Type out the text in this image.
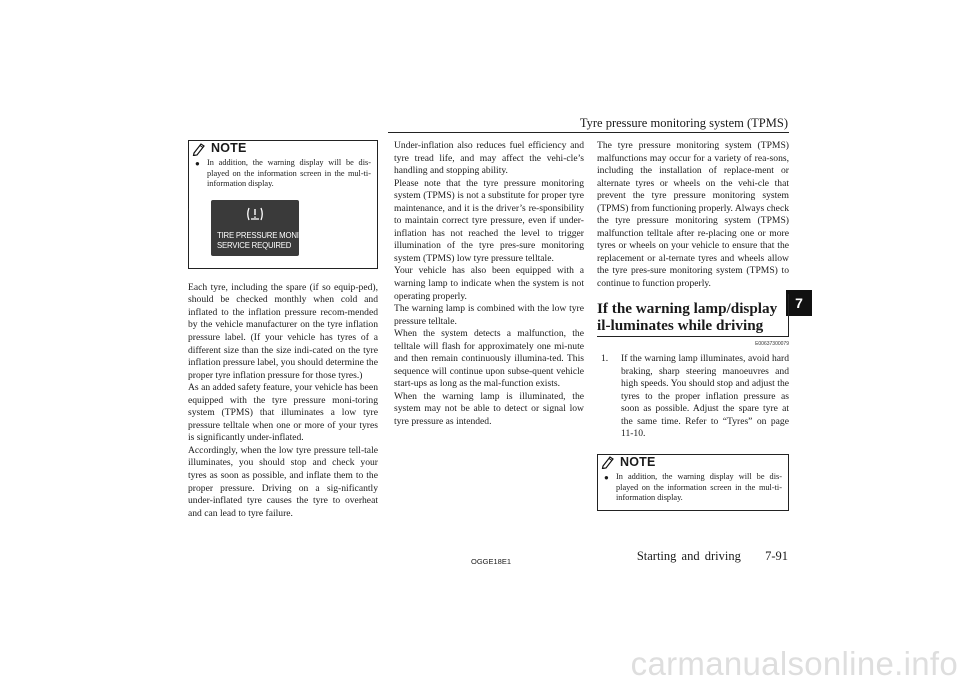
Tyre pressure monitoring system (TPMS)
7
NOTE
● In addition, the warning display will be dis-played on the information screen in the mul-ti-information display.
TIRE PRESSURE MONITOR
SERVICE REQUIRED

Each tyre, including the spare (if so equip-ped), should be checked monthly when cold and inflated to the inflation pressure recom-mended by the vehicle manufacturer on the tyre inflation pressure label. (If your vehicle has tyres of a different size than the size indi-cated on the tyre inflation pressure label, you should determine the proper tyre inflation pressure for those tyres.)

As an added safety feature, your vehicle has been equipped with the tyre pressure moni-toring system (TPMS) that illuminates a low tyre pressure telltale when one or more of your tyres is significantly under-inflated.

Accordingly, when the low tyre pressure tell-tale illuminates, you should stop and check your tyres as soon as possible, and inflate them to the proper pressure. Driving on a sig-nificantly under-inflated tyre causes the tyre to overheat and can lead to tyre failure.

Under-inflation also reduces fuel efficiency and tyre tread life, and may affect the vehi-cle’s handling and stopping ability.

Please note that the tyre pressure monitoring system (TPMS) is not a substitute for proper tyre maintenance, and it is the driver’s re-sponsibility to maintain correct tyre pressure, even if under-inflation has not reached the level to trigger illumination of the tyre pres-sure monitoring system (TPMS) low tyre pressure telltale.

Your vehicle has also been equipped with a warning lamp to indicate when the system is not operating properly.

The warning lamp is combined with the low tyre pressure telltale.

When the system detects a malfunction, the telltale will flash for approximately one mi-nute and then remain continuously illumina-ted. This sequence will continue upon subse-quent vehicle start-ups as long as the mal-function exists.

When the warning lamp is illuminated, the system may not be able to detect or signal low tyre pressure as intended.

The tyre pressure monitoring system (TPMS) malfunctions may occur for a variety of rea-sons, including the installation of replace-ment or alternate tyres or wheels on the vehi-cle that prevent the tyre pressure monitoring system (TPMS) from functioning properly. Always check the tyre pressure monitoring system (TPMS) malfunction telltale after re-placing one or more tyres or wheels on your vehicle to ensure that the replacement or al-ternate tyres and wheels allow the tyre pres-sure monitoring system (TPMS) to continue to function properly.

If the warning lamp/display il-luminates while driving
E00637300079
1.	If the warning lamp illuminates, avoid hard braking, sharp steering manoeuvres and high speeds. You should stop and adjust the tyres to the proper inflation pressure as soon as possible. Adjust the spare tyre at the same time. Refer to “Tyres” on page 11-10.
NOTE
● In addition, the warning display will be dis-played on the information screen in the mul-ti-information display.
OGGE18E1	Starting and driving 7-91
carmanualsonline.info
